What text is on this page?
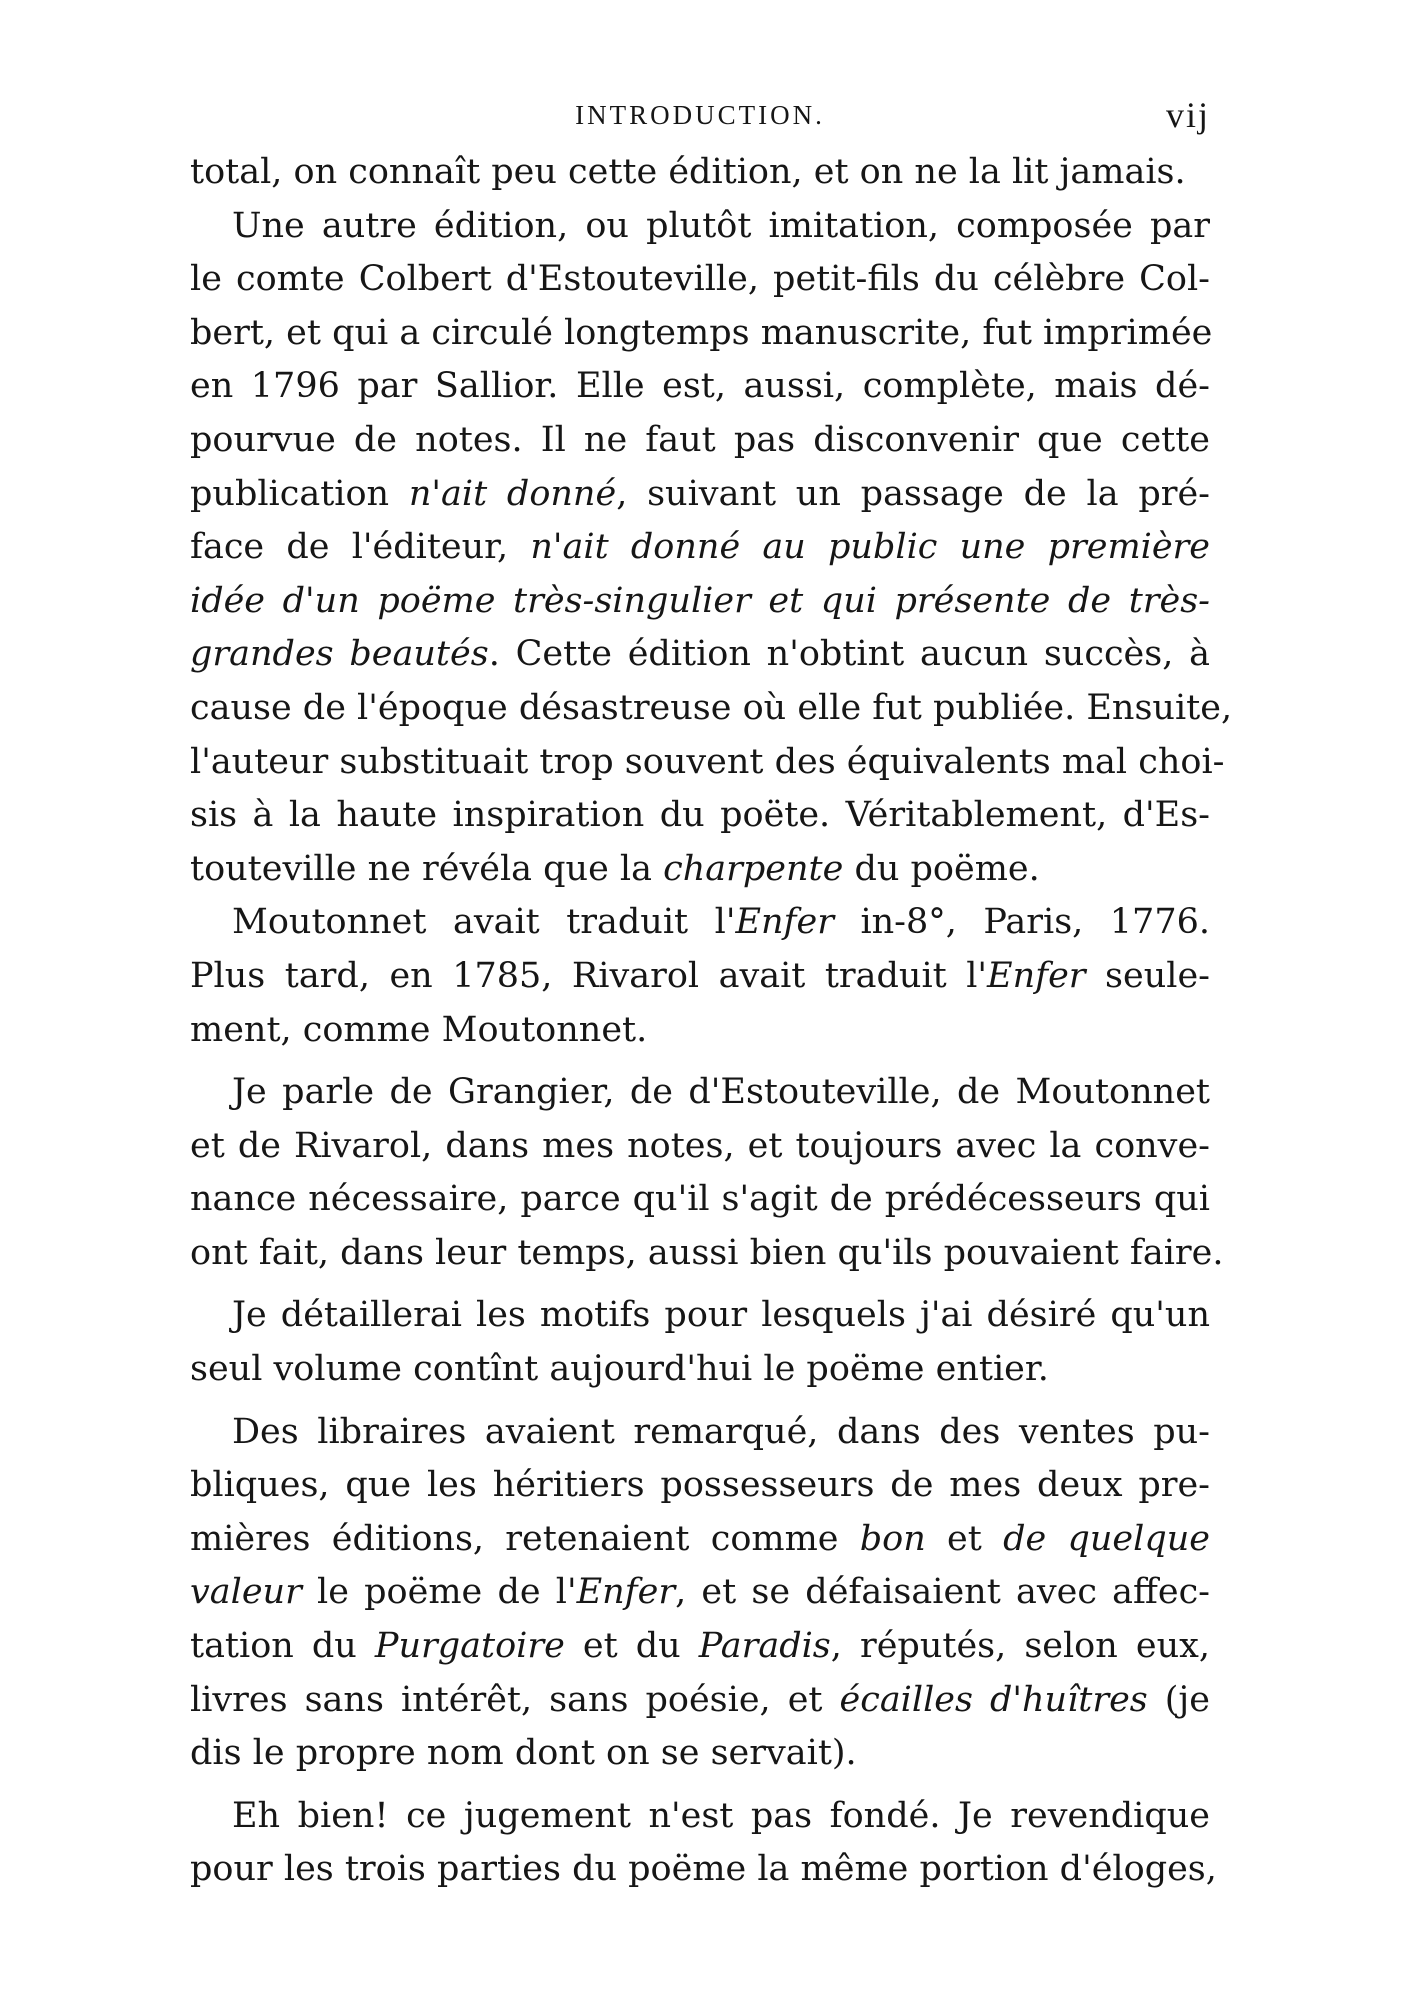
INTRODUCTION.	vij
total, on connaît peu cette édition, et on ne la lit jamais.
Une autre édition, ou plutôt imitation, composée par
le comte Colbert d'Estouteville, petit-fils du célèbre Col-
bert, et qui a circulé longtemps manuscrite, fut imprimée
en 1796 par Sallior. Elle est, aussi, complète, mais dé-
pourvue de notes. Il ne faut pas disconvenir que cette
publication n'ait donné, suivant un passage de la pré-
face de l'éditeur, n'ait donné au public une première
idée d'un poëme très-singulier et qui présente de très-
grandes beautés. Cette édition n'obtint aucun succès, à
cause de l'époque désastreuse où elle fut publiée. Ensuite,
l'auteur substituait trop souvent des équivalents mal choi-
sis à la haute inspiration du poëte. Véritablement, d'Es-
touteville ne révéla que la charpente du poëme.
Moutonnet avait traduit l'Enfer in-8°, Paris, 1776.
Plus tard, en 1785, Rivarol avait traduit l'Enfer seule-
ment, comme Moutonnet.
Je parle de Grangier, de d'Estouteville, de Moutonnet
et de Rivarol, dans mes notes, et toujours avec la conve-
nance nécessaire, parce qu'il s'agit de prédécesseurs qui
ont fait, dans leur temps, aussi bien qu'ils pouvaient faire.
Je détaillerai les motifs pour lesquels j'ai désiré qu'un
seul volume contînt aujourd'hui le poëme entier.
Des libraires avaient remarqué, dans des ventes pu-
bliques, que les héritiers possesseurs de mes deux pre-
mières éditions, retenaient comme bon et de quelque
valeur le poëme de l'Enfer, et se défaisaient avec affec-
tation du Purgatoire et du Paradis, réputés, selon eux,
livres sans intérêt, sans poésie, et écailles d'huîtres (je
dis le propre nom dont on se servait).
Eh bien! ce jugement n'est pas fondé. Je revendique
pour les trois parties du poëme la même portion d'éloges,
